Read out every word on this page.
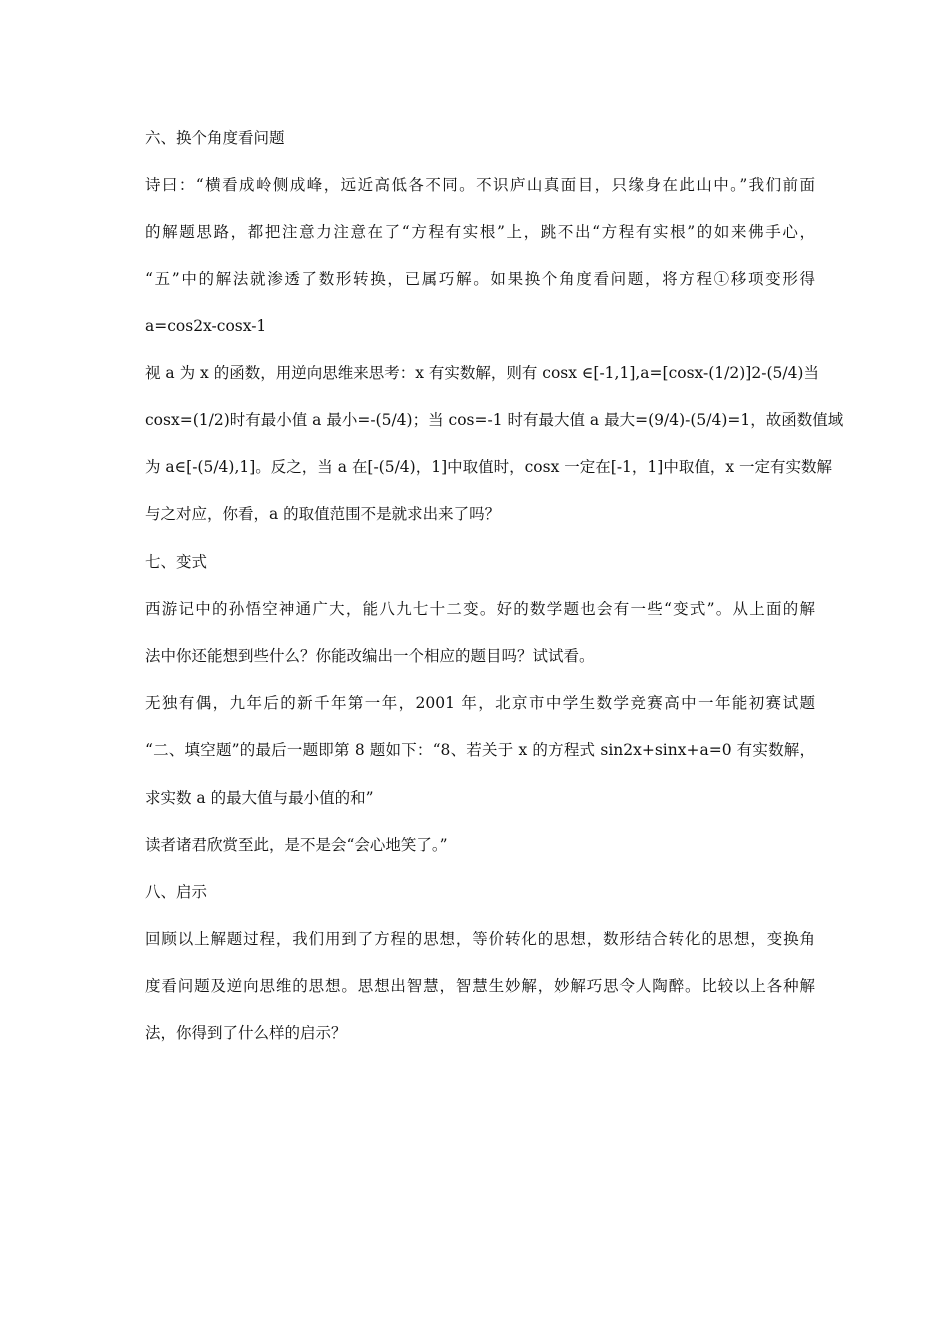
六、换个角度看问题
诗曰：“横看成岭侧成峰，远近高低各不同。不识庐山真面目，只缘身在此山中。”我们前面
的解题思路，都把注意力注意在了“方程有实根”上，跳不出“方程有实根”的如来佛手心，
“五”中的解法就渗透了数形转换，已属巧解。如果换个角度看问题，将方程①移项变形得
a=cos2x-cosx-1
视 a 为 x 的函数，用逆向思维来思考：x 有实数解，则有 cosx ∈[-1,1],a=[cosx-(1/2)]2-(5/4)当
cosx=(1/2)时有最小值 a 最小=-(5/4)；当 cos=-1 时有最大值 a 最大=(9/4)-(5/4)=1，故函数值域
为 a∈[-(5/4),1]。反之，当 a 在[-(5/4)，1]中取值时，cosx 一定在[-1，1]中取值，x 一定有实数解
与之对应，你看，a 的取值范围不是就求出来了吗？
七、变式
西游记中的孙悟空神通广大，能八九七十二变。好的数学题也会有一些“变式”。从上面的解
法中你还能想到些什么？你能改编出一个相应的题目吗？试试看。
无独有偶，九年后的新千年第一年，2001 年，北京市中学生数学竞赛高中一年能初赛试题
“二、填空题”的最后一题即第 8 题如下：“8、若关于 x 的方程式 sin2x+sinx+a=0 有实数解，
求实数 a 的最大值与最小值的和”
读者诸君欣赏至此，是不是会“会心地笑了。”
八、启示
回顾以上解题过程，我们用到了方程的思想，等价转化的思想，数形结合转化的思想，变换角
度看问题及逆向思维的思想。思想出智慧，智慧生妙解，妙解巧思令人陶醉。比较以上各种解
法，你得到了什么样的启示？
